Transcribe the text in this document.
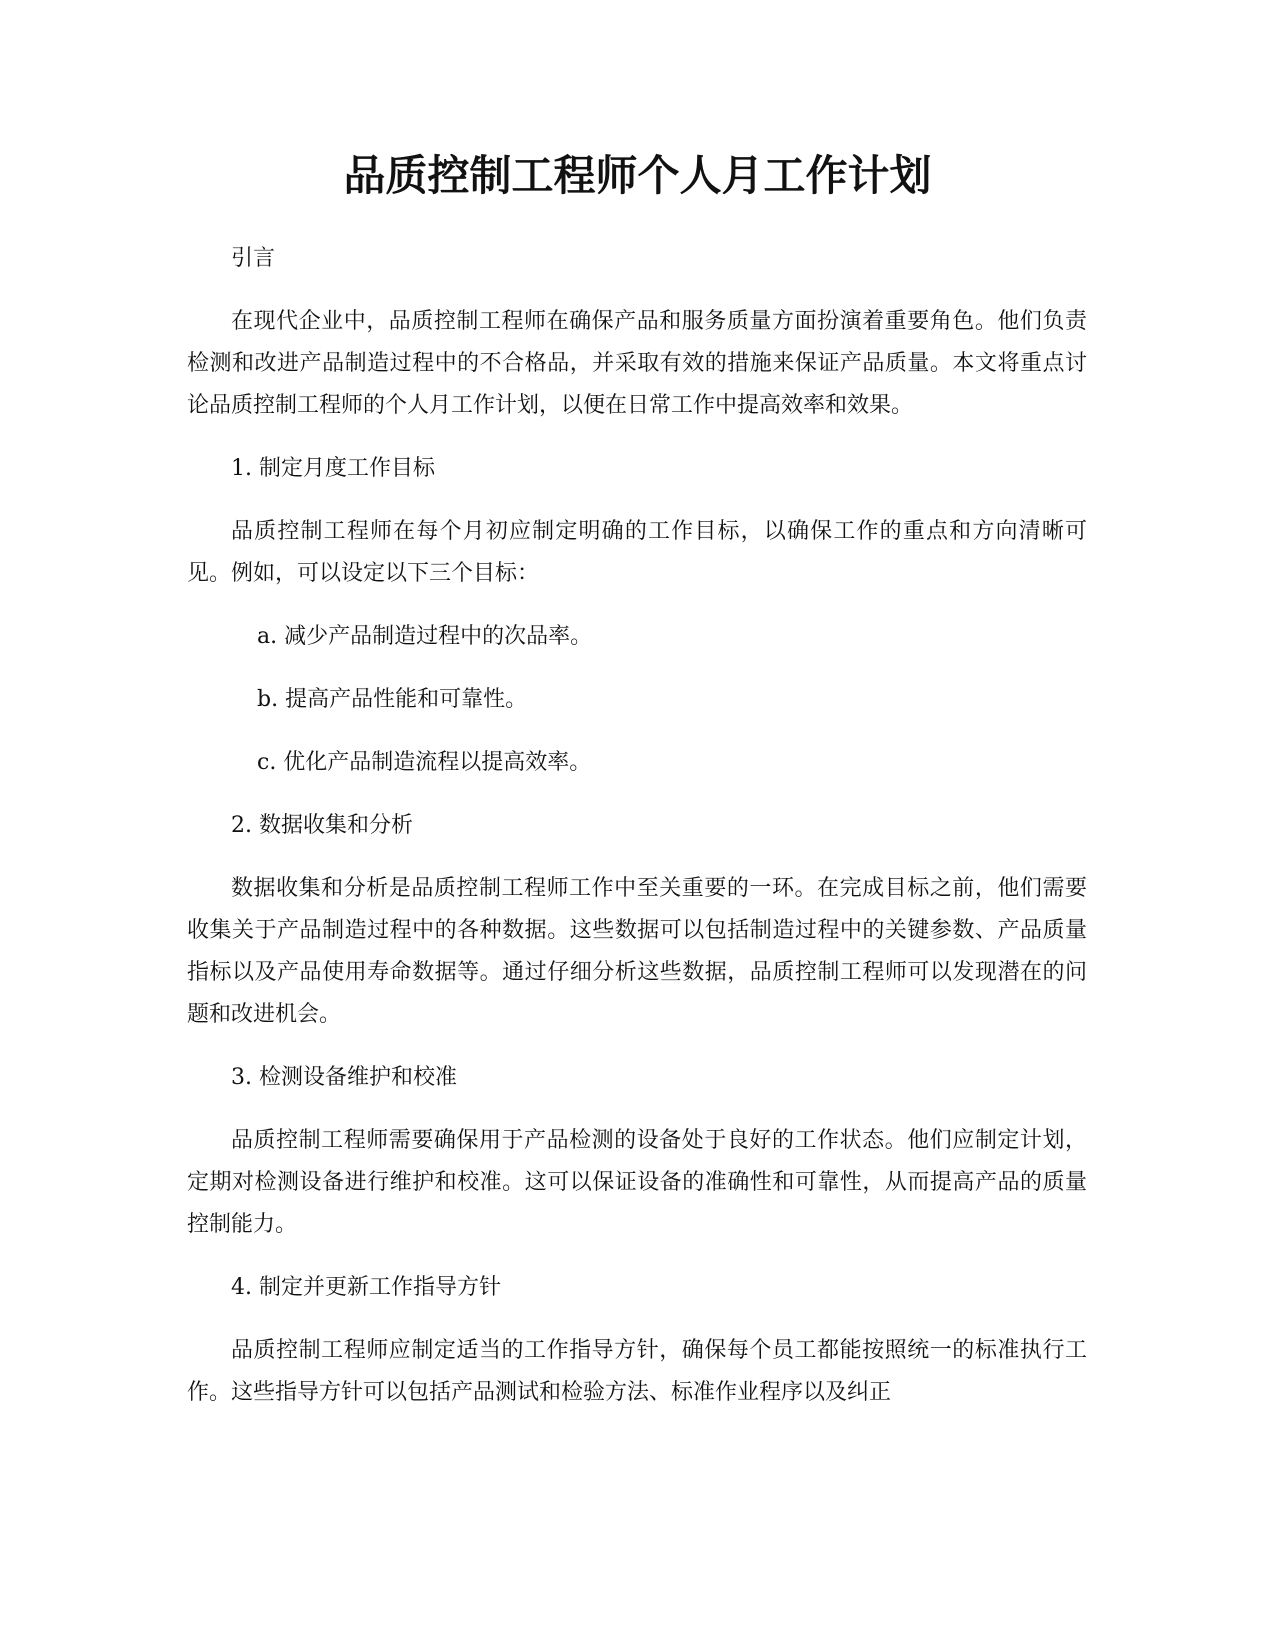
品质控制工程师个人月工作计划

引言

在现代企业中，品质控制工程师在确保产品和服务质量方面扮演着重要角色。他们负责检测和改进产品制造过程中的不合格品，并采取有效的措施来保证产品质量。本文将重点讨论品质控制工程师的个人月工作计划，以便在日常工作中提高效率和效果。

1. 制定月度工作目标

品质控制工程师在每个月初应制定明确的工作目标，以确保工作的重点和方向清晰可见。例如，可以设定以下三个目标：

a. 减少产品制造过程中的次品率。

b. 提高产品性能和可靠性。

c. 优化产品制造流程以提高效率。

2. 数据收集和分析

数据收集和分析是品质控制工程师工作中至关重要的一环。在完成目标之前，他们需要收集关于产品制造过程中的各种数据。这些数据可以包括制造过程中的关键参数、产品质量指标以及产品使用寿命数据等。通过仔细分析这些数据，品质控制工程师可以发现潜在的问题和改进机会。

3. 检测设备维护和校准

品质控制工程师需要确保用于产品检测的设备处于良好的工作状态。他们应制定计划，定期对检测设备进行维护和校准。这可以保证设备的准确性和可靠性，从而提高产品的质量控制能力。

4. 制定并更新工作指导方针

品质控制工程师应制定适当的工作指导方针，确保每个员工都能按照统一的标准执行工作。这些指导方针可以包括产品测试和检验方法、标准作业程序以及纠正
